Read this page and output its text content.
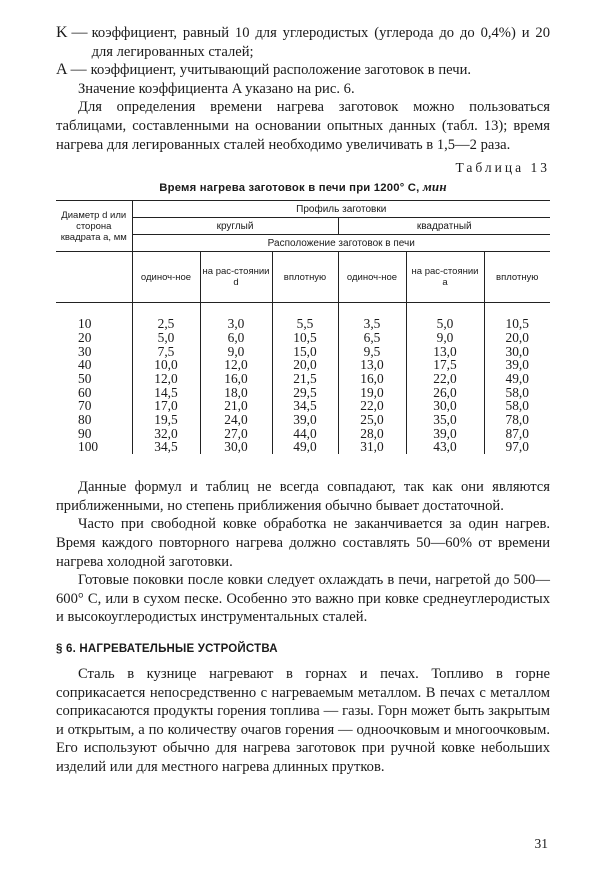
K — коэффициент, равный 10 для углеродистых (углерода до до 0,4%) и 20 для легированных сталей;
A — коэффициент, учитывающий расположение заготовок в печи.

Значение коэффициента A указано на рис. 6.

Для определения времени нагрева заготовок можно пользоваться таблицами, составленными на основании опытных данных (табл. 13); время нагрева для легированных сталей необходимо увеличивать в 1,5—2 раза.

Таблица 13
Время нагрева заготовок в печи при 1200° С, мин
Диаметр d или сторона квадрата a, мм	Профиль заготовки					
	круглый			квадратный		
	Расположение заготовок в печи					
	одиноч-ное	на рас-стоянии d	вплотную	одиноч-ное	на рас-стоянии a	вплотную
10	2,5	3,0	5,5	3,5	5,0	10,5
20	5,0	6,0	10,5	6,5	9,0	20,0
30	7,5	9,0	15,0	9,5	13,0	30,0
40	10,0	12,0	20,0	13,0	17,5	39,0
50	12,0	16,0	21,5	16,0	22,0	49,0
60	14,5	18,0	29,5	19,0	26,0	58,0
70	17,0	21,0	34,5	22,0	30,0	58,0
80	19,5	24,0	39,0	25,0	35,0	78,0
90	32,0	27,0	44,0	28,0	39,0	87,0
100	34,5	30,0	49,0	31,0	43,0	97,0

Данные формул и таблиц не всегда совпадают, так как они являются приближенными, но степень приближения обычно бывает достаточной.

Часто при свободной ковке обработка не заканчивается за один нагрев. Время каждого повторного нагрева должно составлять 50—60% от времени нагрева холодной заготовки.

Готовые поковки после ковки следует охлаждать в печи, нагретой до 500—600° С, или в сухом песке. Особенно это важно при ковке среднеуглеродистых и высокоуглеродистых инструментальных сталей.

§ 6. НАГРЕВАТЕЛЬНЫЕ УСТРОЙСТВА

Сталь в кузнице нагревают в горнах и печах. Топливо в горне соприкасается непосредственно с нагреваемым металлом. В печах с металлом соприкасаются продукты горения топлива — газы. Горн может быть закрытым и открытым, а по количеству очагов горения — одноочковым и многоочковым. Его используют обычно для нагрева заготовок при ручной ковке небольших изделий или для местного нагрева длинных прутков.

31
